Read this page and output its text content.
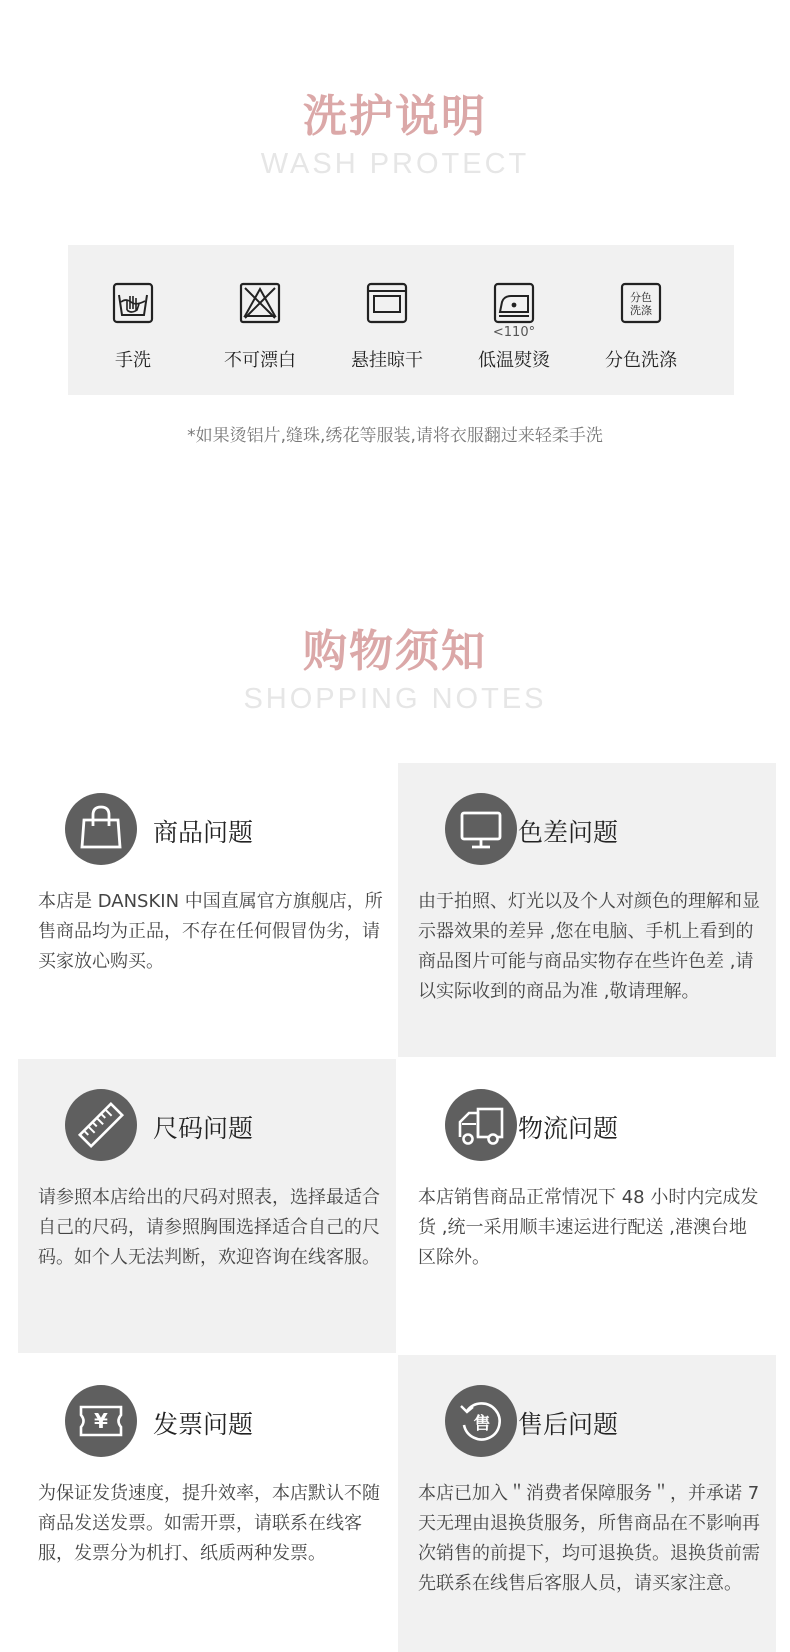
洗护说明
WASH PROTECT
手洗	不可漂白	悬挂晾干
<110°
低温熨烫
分色
洗涤
分色洗涤
*如果烫铝片,缝珠,绣花等服装,请将衣服翻过来轻柔手洗
购物须知
SHOPPING NOTES
商品问题
本店是 DANSKIN 中国直属官方旗舰店，所售商品均为正品，不存在任何假冒伪劣，请买家放心购买。
色差问题
由于拍照、灯光以及个人对颜色的理解和显示器效果的差异 ,您在电脑、手机上看到的商品图片可能与商品实物存在些许色差 ,请以实际收到的商品为准 ,敬请理解。
尺码问题
请参照本店给出的尺码对照表，选择最适合自己的尺码，请参照胸围选择适合自己的尺码。如个人无法判断，欢迎咨询在线客服。
物流问题
本店销售商品正常情况下 48 小时内完成发货 ,统一采用顺丰速运进行配送 ,港澳台地区除外。
¥ 发票问题
为保证发货速度，提升效率，本店默认不随商品发送发票。如需开票，请联系在线客服，发票分为机打、纸质两种发票。
售 售后问题
本店已加入＂消费者保障服务＂，并承诺 7 天无理由退换货服务，所售商品在不影响再次销售的前提下，均可退换货。退换货前需先联系在线售后客服人员，请买家注意。
